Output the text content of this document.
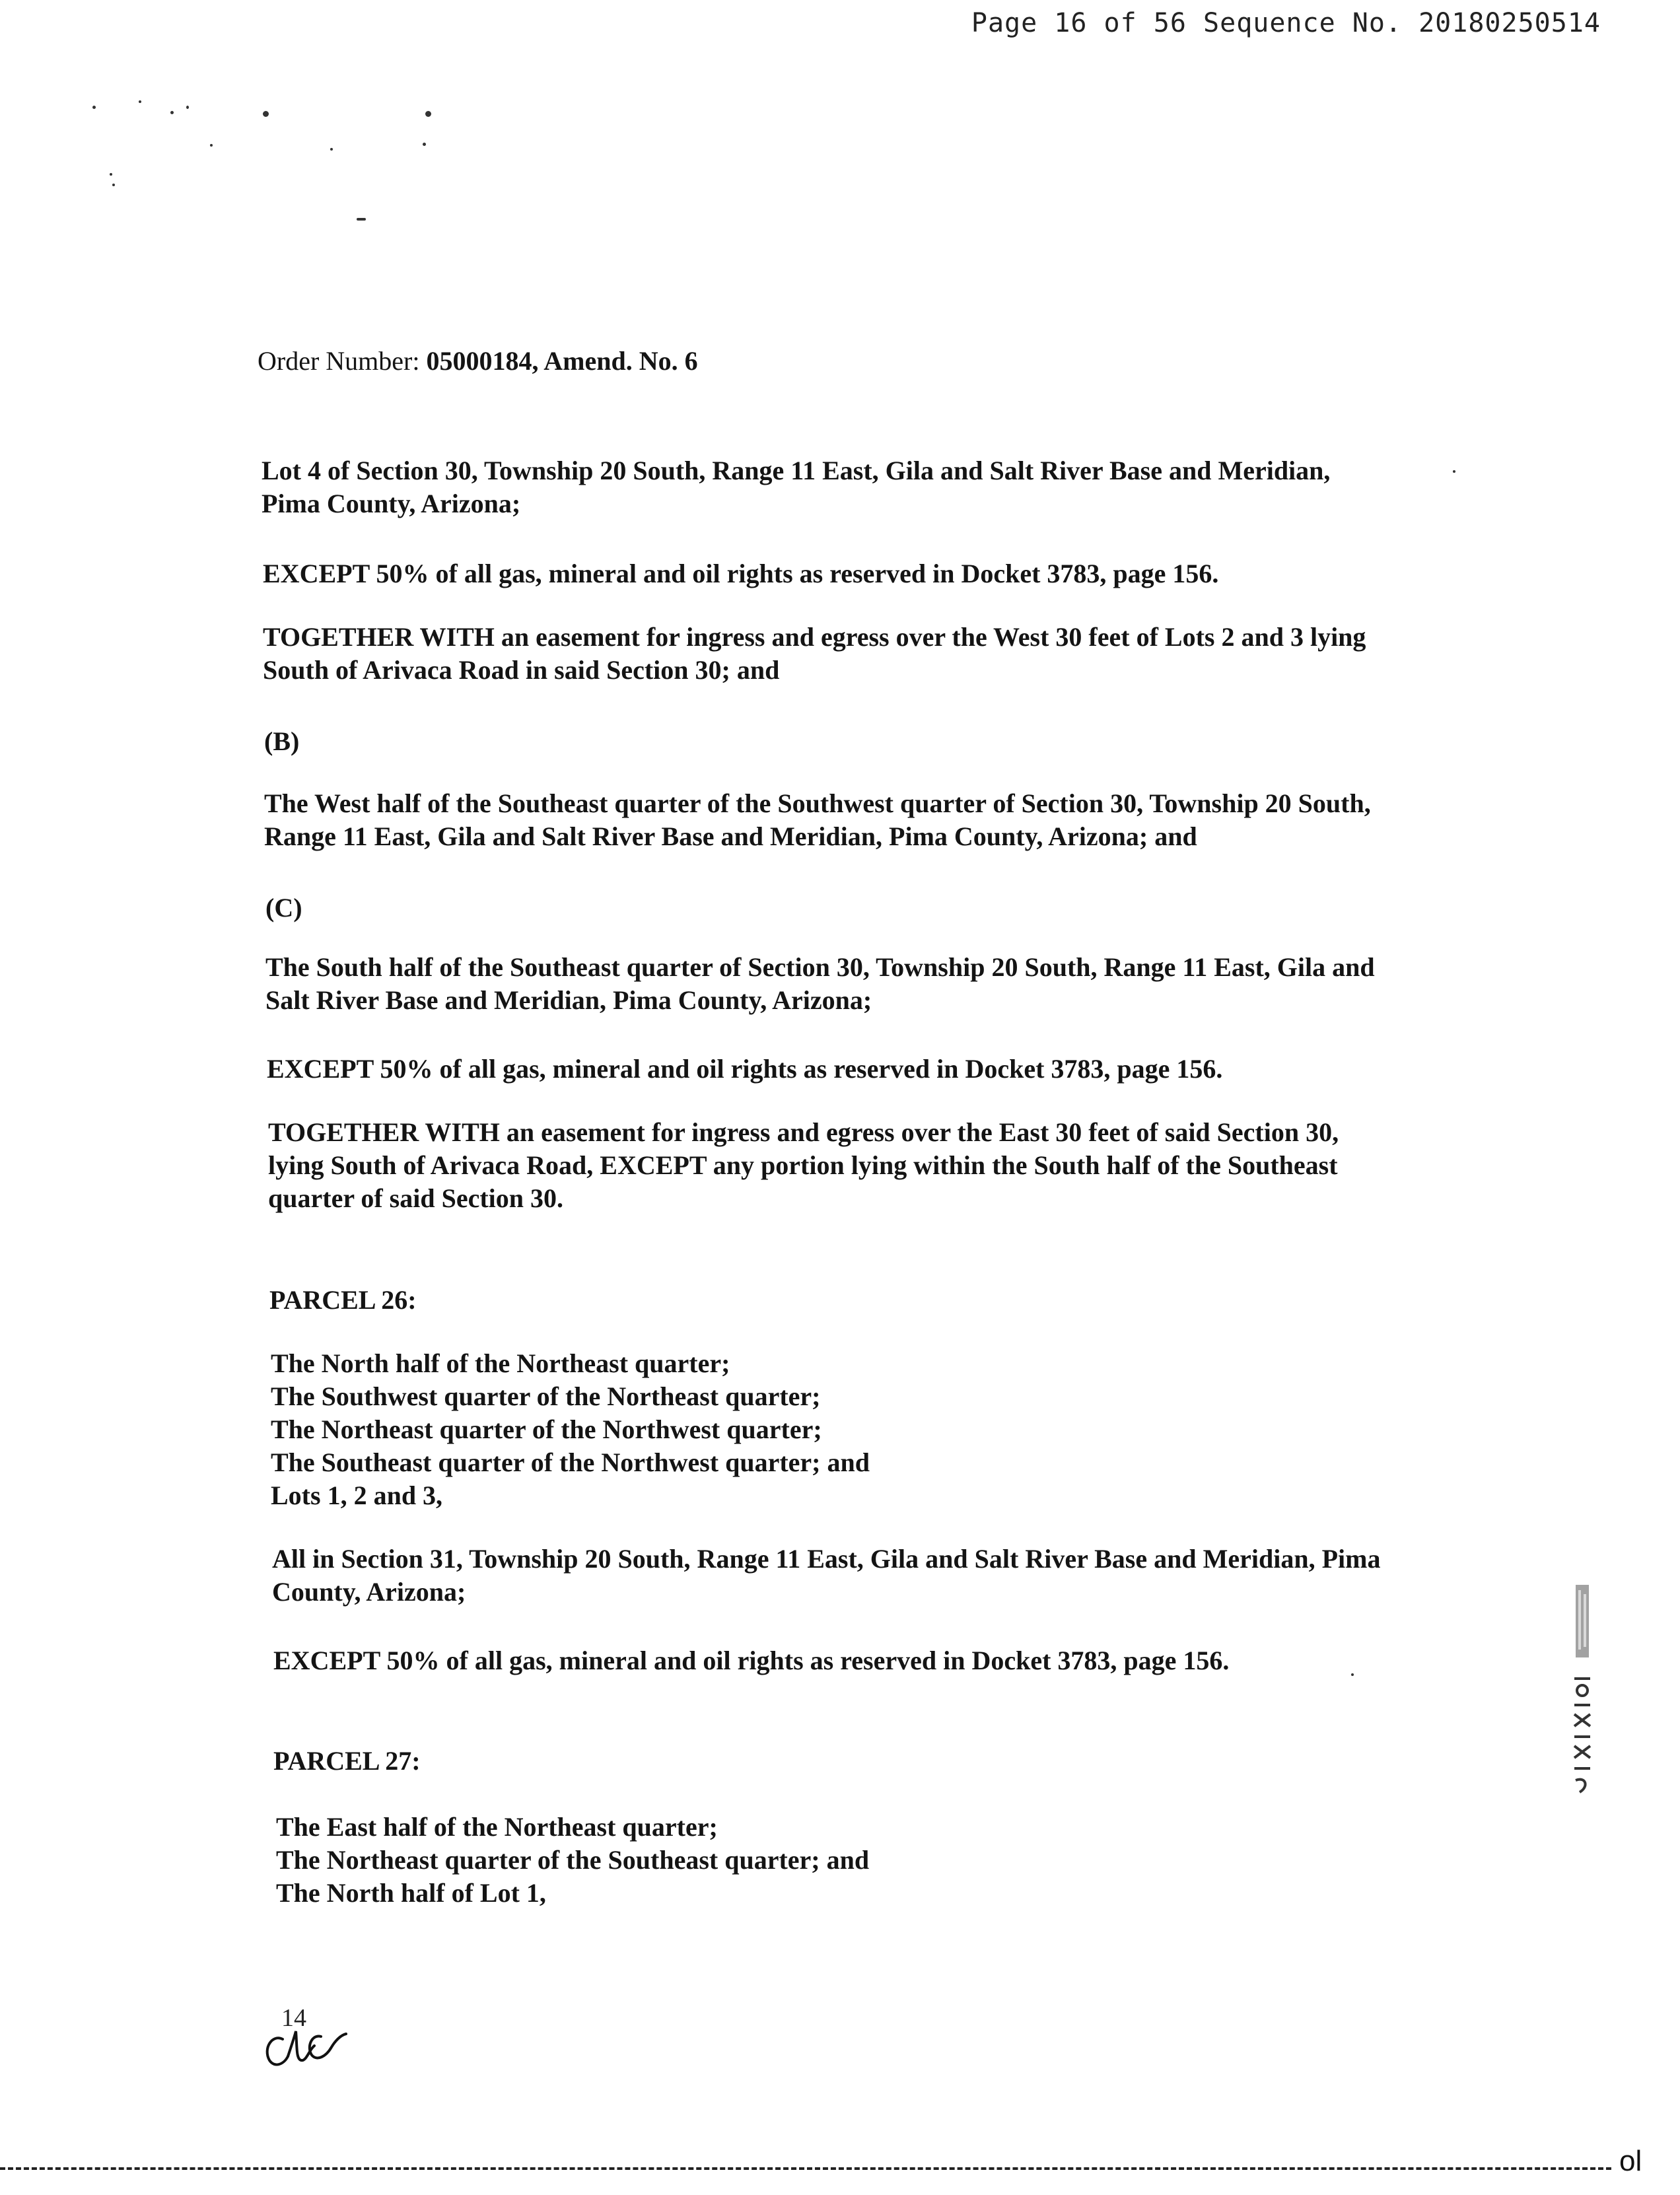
Page 16 of 56 Sequence No. 20180250514
Order Number: 05000184, Amend. No. 6
Lot 4 of Section 30, Township 20 South, Range 11 East, Gila and Salt River Base and Meridian,
Pima County, Arizona;
EXCEPT 50% of all gas, mineral and oil rights as reserved in Docket 3783, page 156.
TOGETHER WITH an easement for ingress and egress over the West 30 feet of Lots 2 and 3 lying
South of Arivaca Road in said Section 30; and
(B)
The West half of the Southeast quarter of the Southwest quarter of Section 30, Township 20 South,
Range 11 East, Gila and Salt River Base and Meridian, Pima County, Arizona; and
(C)
The South half of the Southeast quarter of Section 30, Township 20 South, Range 11 East, Gila and
Salt River Base and Meridian, Pima County, Arizona;
EXCEPT 50% of all gas, mineral and oil rights as reserved in Docket 3783, page 156.
TOGETHER WITH an easement for ingress and egress over the East 30 feet of said Section 30,
lying South of Arivaca Road, EXCEPT any portion lying within the South half of the Southeast
quarter of said Section 30.
PARCEL 26:
The North half of the Northeast quarter;
The Southwest quarter of the Northeast quarter;
The Northeast quarter of the Northwest quarter;
The Southeast quarter of the Northwest quarter; and
Lots 1, 2 and 3,
All in Section 31, Township 20 South, Range 11 East, Gila and Salt River Base and Meridian, Pima
County, Arizona;
EXCEPT 50% of all gas, mineral and oil rights as reserved in Docket 3783, page 156.
PARCEL 27:
The East half of the Northeast quarter;
The Northeast quarter of the Southeast quarter; and
The North half of Lot 1,
14
ol
